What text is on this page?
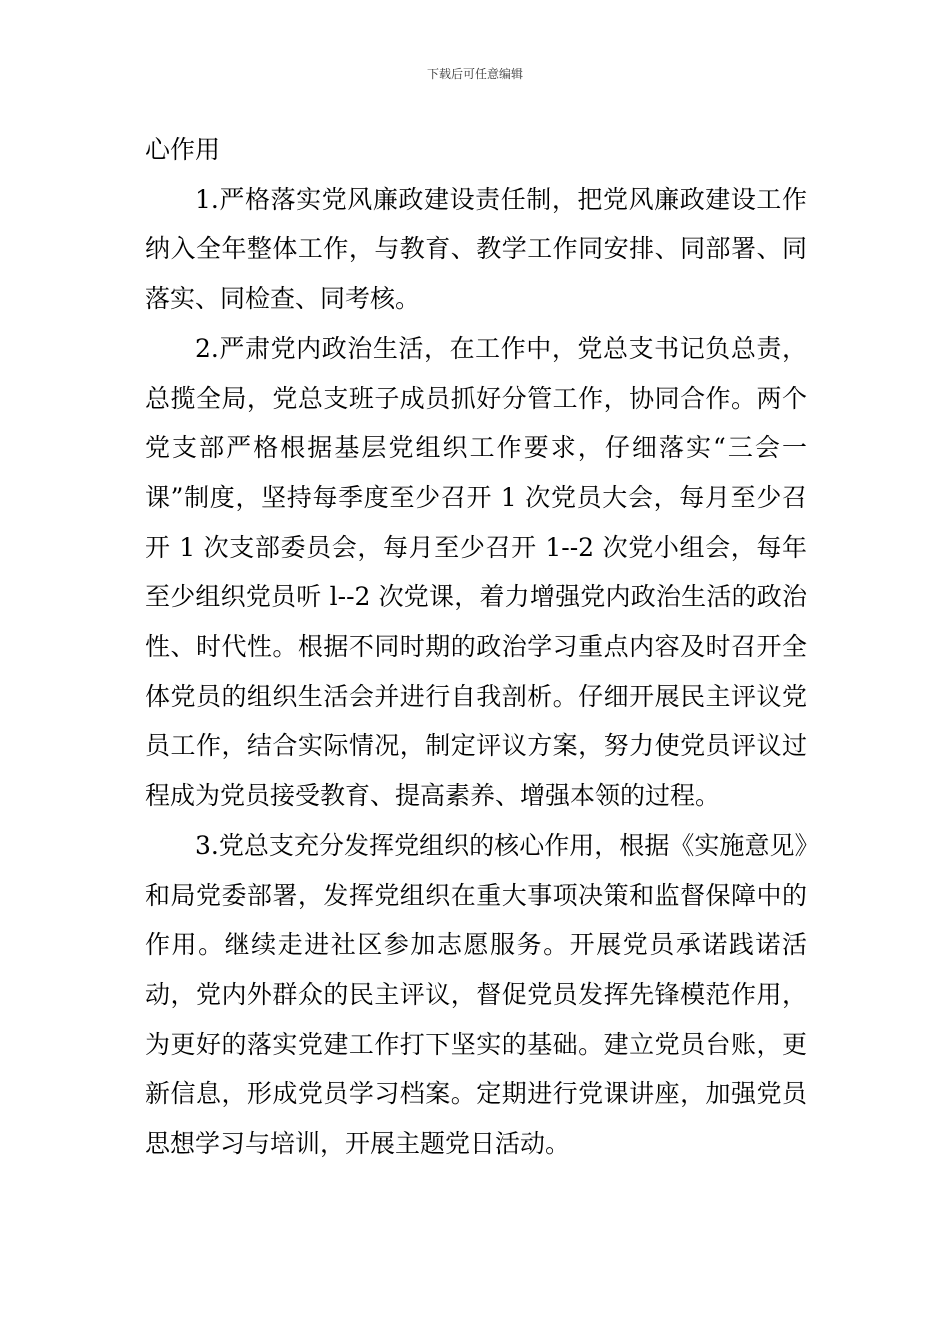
下载后可任意编辑

心作用

1.严格落实党风廉政建设责任制，把党风廉政建设工作纳入全年整体工作，与教育、教学工作同安排、同部署、同落实、同检查、同考核。

2.严肃党内政治生活，在工作中，党总支书记负总责，总揽全局，党总支班子成员抓好分管工作，协同合作。两个党支部严格根据基层党组织工作要求，仔细落实“三会一课”制度，坚持每季度至少召开 1 次党员大会，每月至少召开 1 次支部委员会，每月至少召开 1--2 次党小组会，每年至少组织党员听 l--2 次党课，着力增强党内政治生活的政治性、时代性。根据不同时期的政治学习重点内容及时召开全体党员的组织生活会并进行自我剖析。仔细开展民主评议党员工作，结合实际情况，制定评议方案，努力使党员评议过程成为党员接受教育、提高素养、增强本领的过程。

3.党总支充分发挥党组织的核心作用，根据《实施意见》和局党委部署，发挥党组织在重大事项决策和监督保障中的作用。继续走进社区参加志愿服务。开展党员承诺践诺活动，党内外群众的民主评议，督促党员发挥先锋模范作用，为更好的落实党建工作打下坚实的基础。建立党员台账，更新信息，形成党员学习档案。定期进行党课讲座，加强党员思想学习与培训，开展主题党日活动。
